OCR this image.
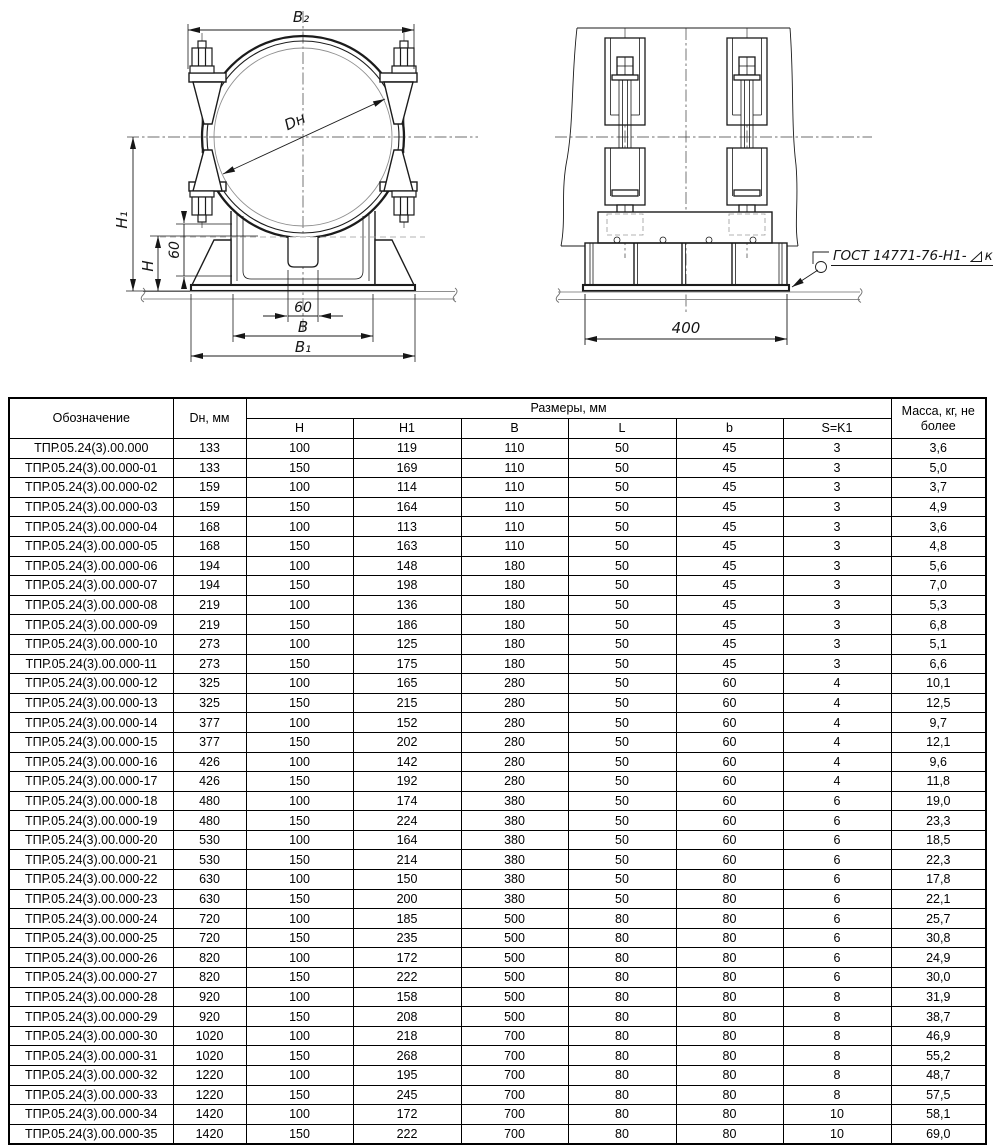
B₂
Dн
H₁
H
60
60
B
B₁
400
ГОСТ 14771-76-Н1- к
Обозначение	Dн, мм	Размеры, мм						Масса, кг, не более
		H	H1	B	L	b	S=K1	
ТПР.05.24(3).00.000	133	100	119	110	50	45	3	3,6
ТПР.05.24(3).00.000-01	133	150	169	110	50	45	3	5,0
ТПР.05.24(3).00.000-02	159	100	114	110	50	45	3	3,7
ТПР.05.24(3).00.000-03	159	150	164	110	50	45	3	4,9
ТПР.05.24(3).00.000-04	168	100	113	110	50	45	3	3,6
ТПР.05.24(3).00.000-05	168	150	163	110	50	45	3	4,8
ТПР.05.24(3).00.000-06	194	100	148	180	50	45	3	5,6
ТПР.05.24(3).00.000-07	194	150	198	180	50	45	3	7,0
ТПР.05.24(3).00.000-08	219	100	136	180	50	45	3	5,3
ТПР.05.24(3).00.000-09	219	150	186	180	50	45	3	6,8
ТПР.05.24(3).00.000-10	273	100	125	180	50	45	3	5,1
ТПР.05.24(3).00.000-11	273	150	175	180	50	45	3	6,6
ТПР.05.24(3).00.000-12	325	100	165	280	50	60	4	10,1
ТПР.05.24(3).00.000-13	325	150	215	280	50	60	4	12,5
ТПР.05.24(3).00.000-14	377	100	152	280	50	60	4	9,7
ТПР.05.24(3).00.000-15	377	150	202	280	50	60	4	12,1
ТПР.05.24(3).00.000-16	426	100	142	280	50	60	4	9,6
ТПР.05.24(3).00.000-17	426	150	192	280	50	60	4	11,8
ТПР.05.24(3).00.000-18	480	100	174	380	50	60	6	19,0
ТПР.05.24(3).00.000-19	480	150	224	380	50	60	6	23,3
ТПР.05.24(3).00.000-20	530	100	164	380	50	60	6	18,5
ТПР.05.24(3).00.000-21	530	150	214	380	50	60	6	22,3
ТПР.05.24(3).00.000-22	630	100	150	380	50	80	6	17,8
ТПР.05.24(3).00.000-23	630	150	200	380	50	80	6	22,1
ТПР.05.24(3).00.000-24	720	100	185	500	80	80	6	25,7
ТПР.05.24(3).00.000-25	720	150	235	500	80	80	6	30,8
ТПР.05.24(3).00.000-26	820	100	172	500	80	80	6	24,9
ТПР.05.24(3).00.000-27	820	150	222	500	80	80	6	30,0
ТПР.05.24(3).00.000-28	920	100	158	500	80	80	8	31,9
ТПР.05.24(3).00.000-29	920	150	208	500	80	80	8	38,7
ТПР.05.24(3).00.000-30	1020	100	218	700	80	80	8	46,9
ТПР.05.24(3).00.000-31	1020	150	268	700	80	80	8	55,2
ТПР.05.24(3).00.000-32	1220	100	195	700	80	80	8	48,7
ТПР.05.24(3).00.000-33	1220	150	245	700	80	80	8	57,5
ТПР.05.24(3).00.000-34	1420	100	172	700	80	80	10	58,1
ТПР.05.24(3).00.000-35	1420	150	222	700	80	80	10	69,0
